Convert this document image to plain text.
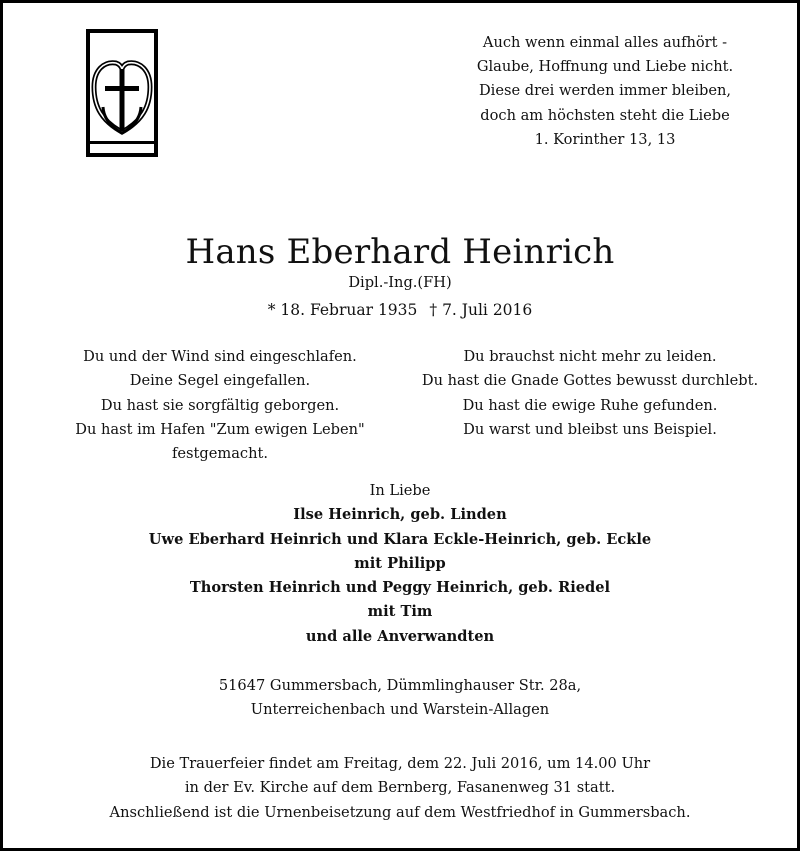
Auch wenn einmal alles aufhört -
Glaube, Hoffnung und Liebe nicht.
Diese drei werden immer bleiben,
doch am höchsten steht die Liebe
1. Korinther 13, 13
Hans Eberhard Heinrich
Dipl.-Ing.(FH)
* 18. Februar 1935 † 7. Juli 2016
Du und der Wind sind eingeschlafen.
Deine Segel eingefallen.
Du hast sie sorgfältig geborgen.
Du hast im Hafen "Zum ewigen Leben" festgemacht.
Du brauchst nicht mehr zu leiden.
Du hast die Gnade Gottes bewusst durchlebt.
Du hast die ewige Ruhe gefunden.
Du warst und bleibst uns Beispiel.
In Liebe
Ilse Heinrich, geb. Linden
Uwe Eberhard Heinrich und Klara Eckle-Heinrich, geb. Eckle
mit Philipp
Thorsten Heinrich und Peggy Heinrich, geb. Riedel
mit Tim
und alle Anverwandten
51647 Gummersbach, Dümmlinghauser Str. 28a,
Unterreichenbach und Warstein-Allagen
Die Trauerfeier findet am Freitag, dem 22. Juli 2016, um 14.00 Uhr
in der Ev. Kirche auf dem Bernberg, Fasanenweg 31 statt.
Anschließend ist die Urnenbeisetzung auf dem Westfriedhof in Gummersbach.
